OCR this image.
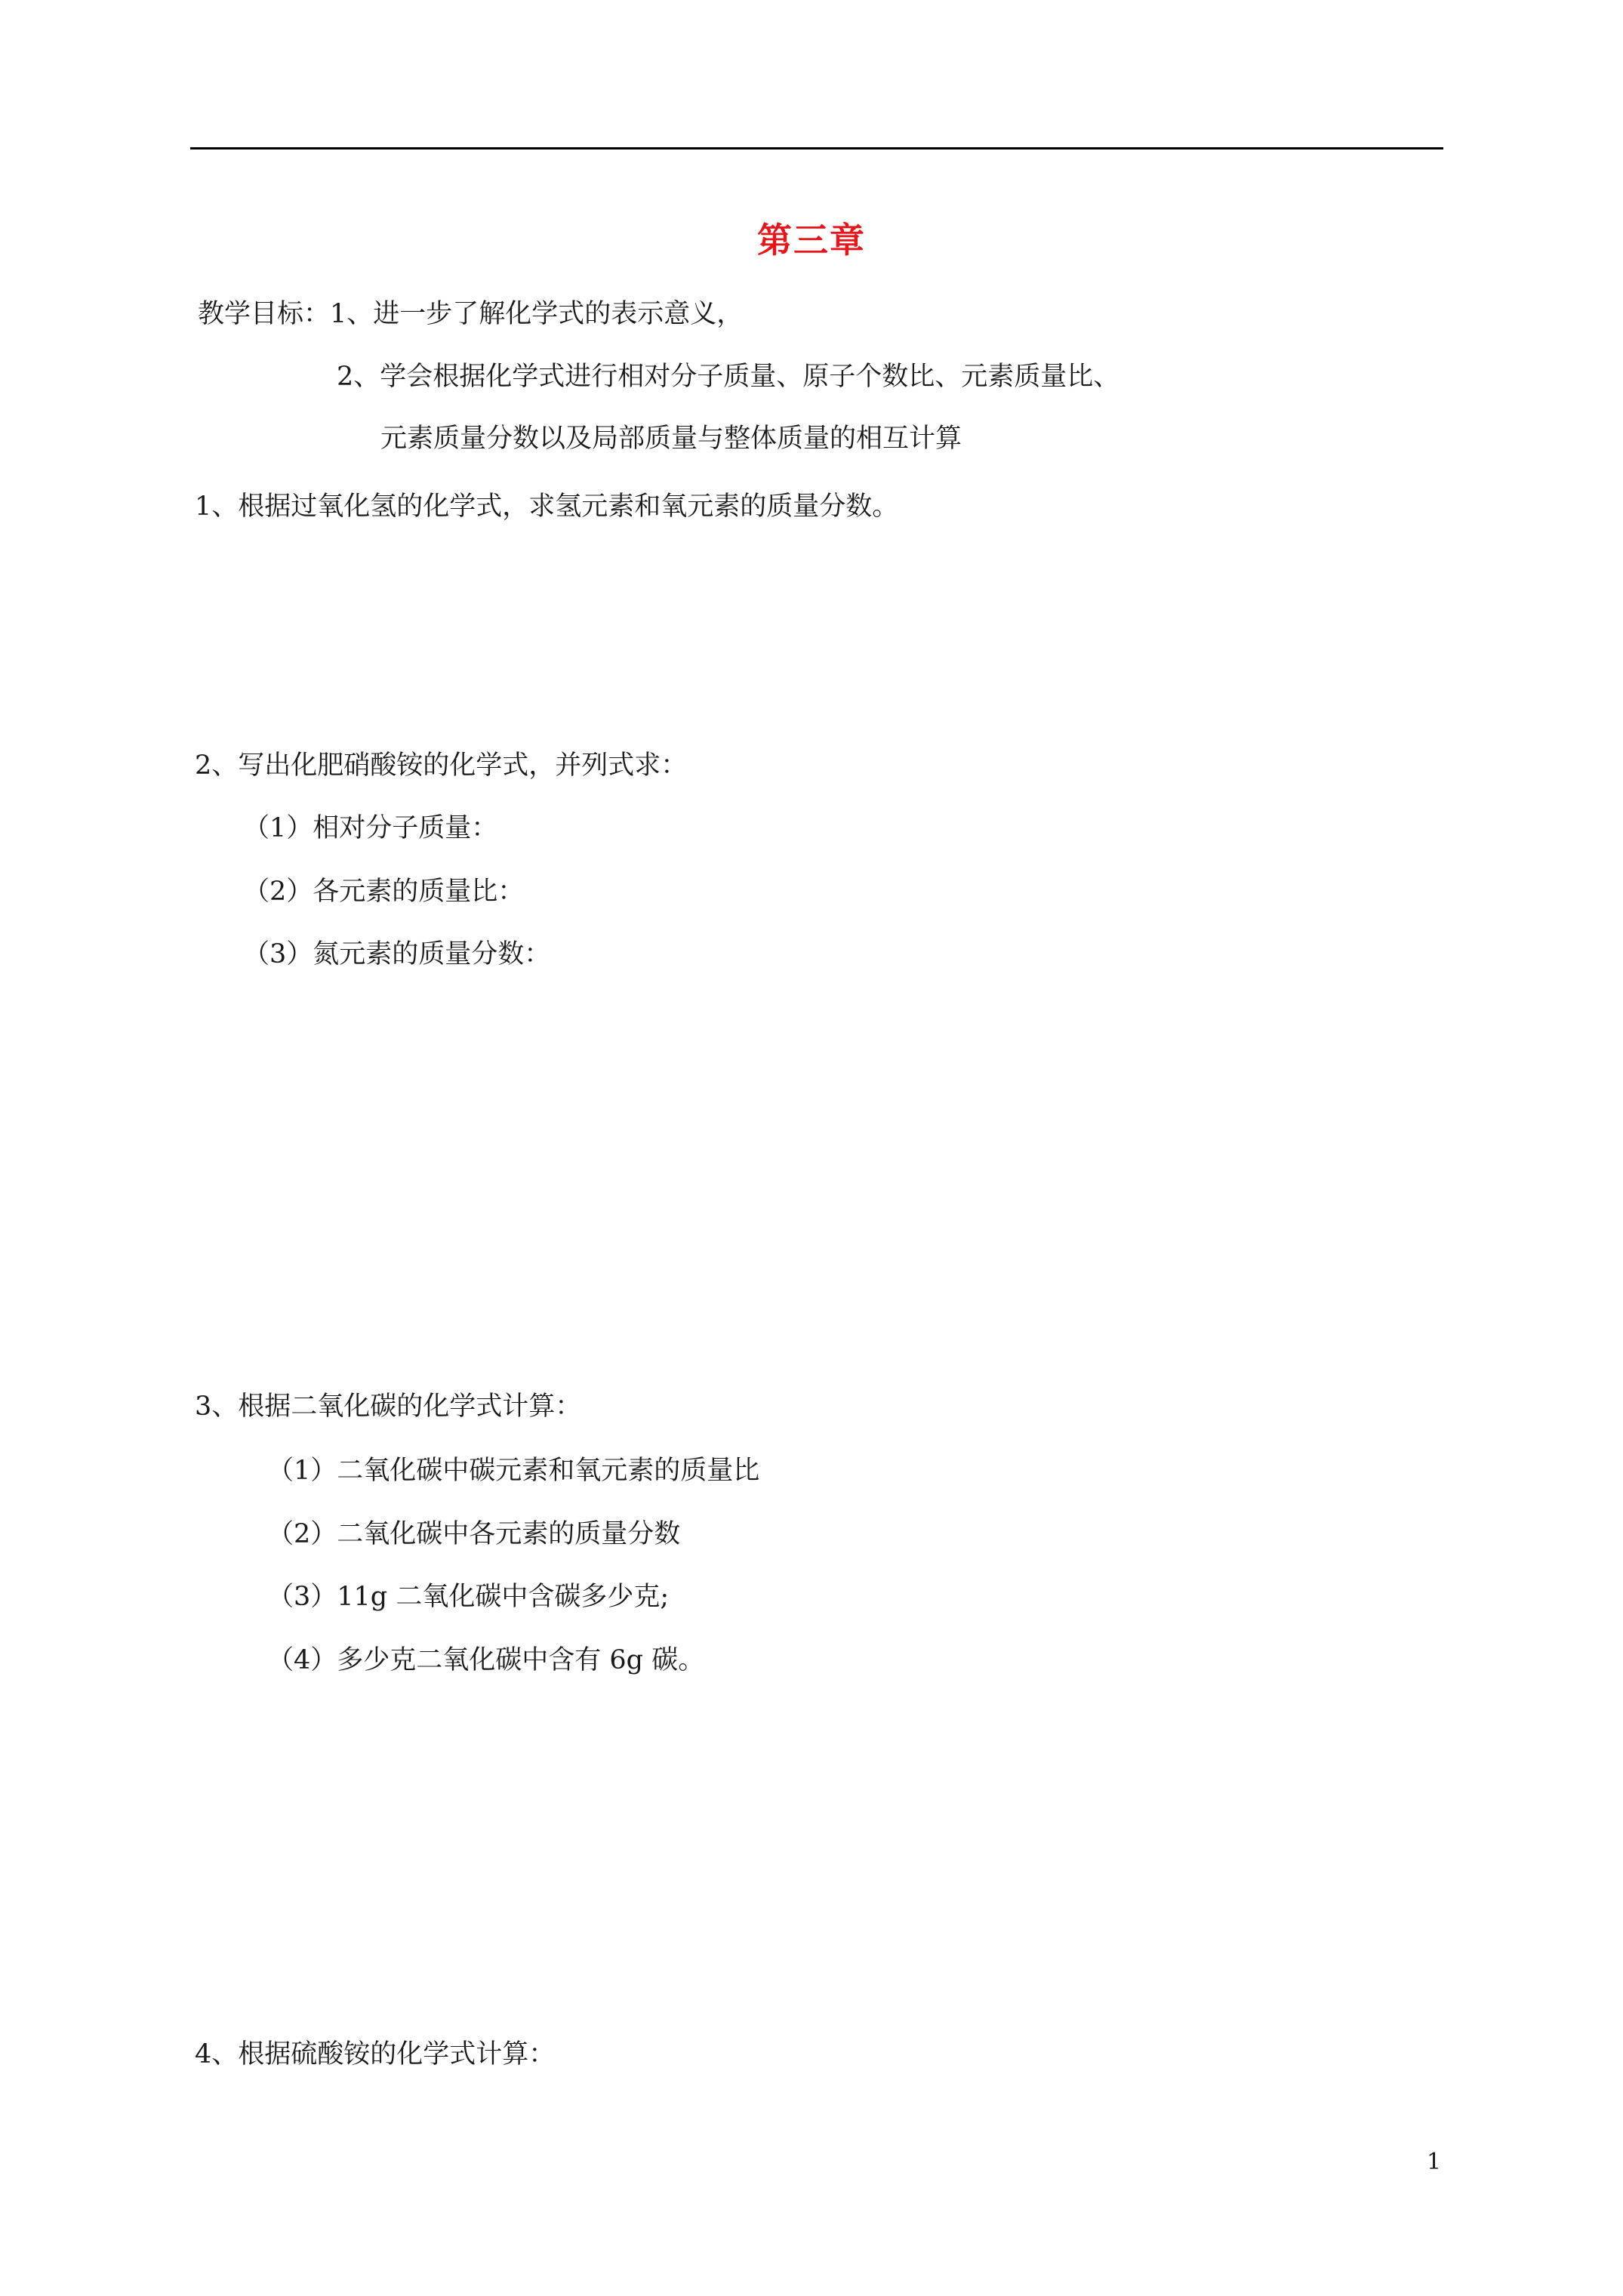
第三章
教学目标：1、进一步了解化学式的表示意义，
2、学会根据化学式进行相对分子质量、原子个数比、元素质量比、
元素质量分数以及局部质量与整体质量的相互计算
1、根据过氧化氢的化学式，求氢元素和氧元素的质量分数。
2、写出化肥硝酸铵的化学式，并列式求：
（1）相对分子质量：
（2）各元素的质量比：
（3）氮元素的质量分数：
3、根据二氧化碳的化学式计算：
（1）二氧化碳中碳元素和氧元素的质量比
（2）二氧化碳中各元素的质量分数
（3）11g 二氧化碳中含碳多少克;
（4）多少克二氧化碳中含有 6g 碳。
4、根据硫酸铵的化学式计算：
1
